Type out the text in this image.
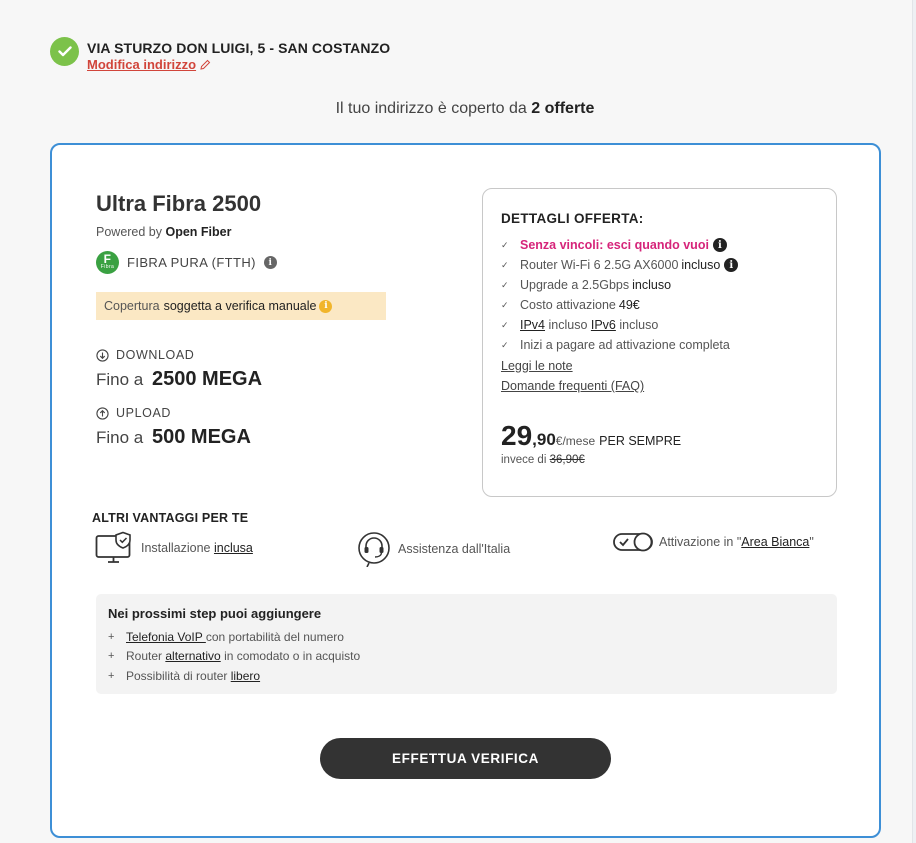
VIA STURZO DON LUIGI, 5 - SAN COSTANZO
Modifica indirizzo
Il tuo indirizzo è coperto da 2 offerte
Ultra Fibra 2500
Powered by Open Fiber
F
Fibra FIBRA PURA (FTTH)	i
Copertura soggetta a verifica manuale i
DOWNLOAD
Fino a 2500 MEGA
UPLOAD
Fino a 500 MEGA
DETTAGLI OFFERTA:
✓ Senza vincoli: esci quando vuoi i
✓ Router Wi-Fi 6 2.5G AX6000 incluso i
✓ Upgrade a 2.5Gbps incluso
✓ Costo attivazione 49€
✓ IPv4 incluso IPv6 incluso
✓ Inizi a pagare ad attivazione completa
Leggi le note
Domande frequenti (FAQ)
29 ,90 €/mese PER SEMPRE
invece di 36,90€
ALTRI VANTAGGI PER TE
Installazione inclusa	Assistenza dall'Italia	Attivazione in " Area Bianca "
Nei prossimi step puoi aggiungere
+ Telefonia VoIP con portabilità del numero
+ Router alternativo in comodato o in acquisto
+ Possibilità di router libero
EFFETTUA VERIFICA
